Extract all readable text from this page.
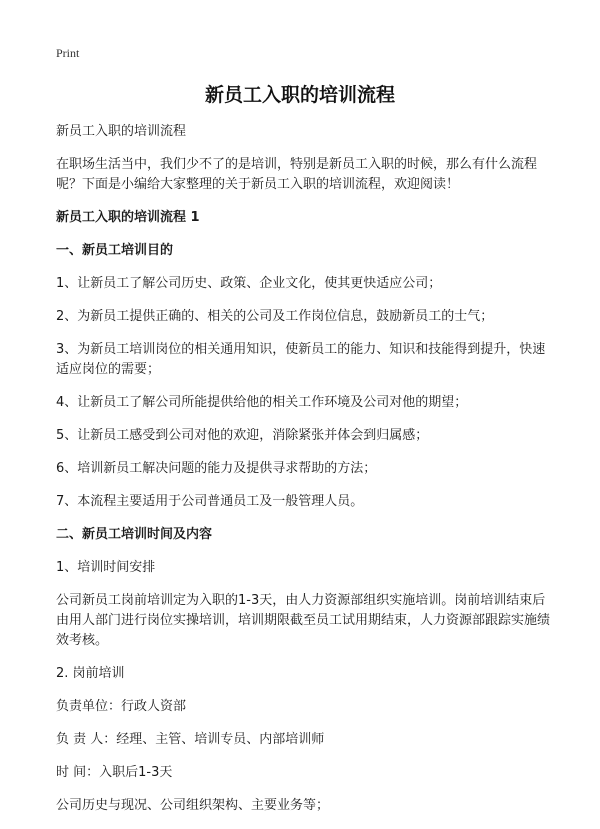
Print
新员工入职的培训流程

新员工入职的培训流程

在职场生活当中，我们少不了的是培训，特别是新员工入职的时候，那么有什么流程呢？下面是小编给大家整理的关于新员工入职的培训流程，欢迎阅读！

新员工入职的培训流程 1

一、新员工培训目的

1、让新员工了解公司历史、政策、企业文化，使其更快适应公司；

2、为新员工提供正确的、相关的公司及工作岗位信息，鼓励新员工的士气；

3、为新员工培训岗位的相关通用知识，使新员工的能力、知识和技能得到提升，快速适应岗位的需要；

4、让新员工了解公司所能提供给他的相关工作环境及公司对他的期望；

5、让新员工感受到公司对他的欢迎，消除紧张并体会到归属感；

6、培训新员工解决问题的能力及提供寻求帮助的方法；

7、本流程主要适用于公司普通员工及一般管理人员。

二、新员工培训时间及内容

1、培训时间安排

公司新员工岗前培训定为入职的1-3天，由人力资源部组织实施培训。岗前培训结束后由用人部门进行岗位实操培训，培训期限截至员工试用期结束，人力资源部跟踪实施绩效考核。

2. 岗前培训

负责单位：行政人资部

负 责 人：经理、主管、培训专员、内部培训师

时 间：入职后1-3天

公司历史与现况、公司组织架构、主要业务等；
